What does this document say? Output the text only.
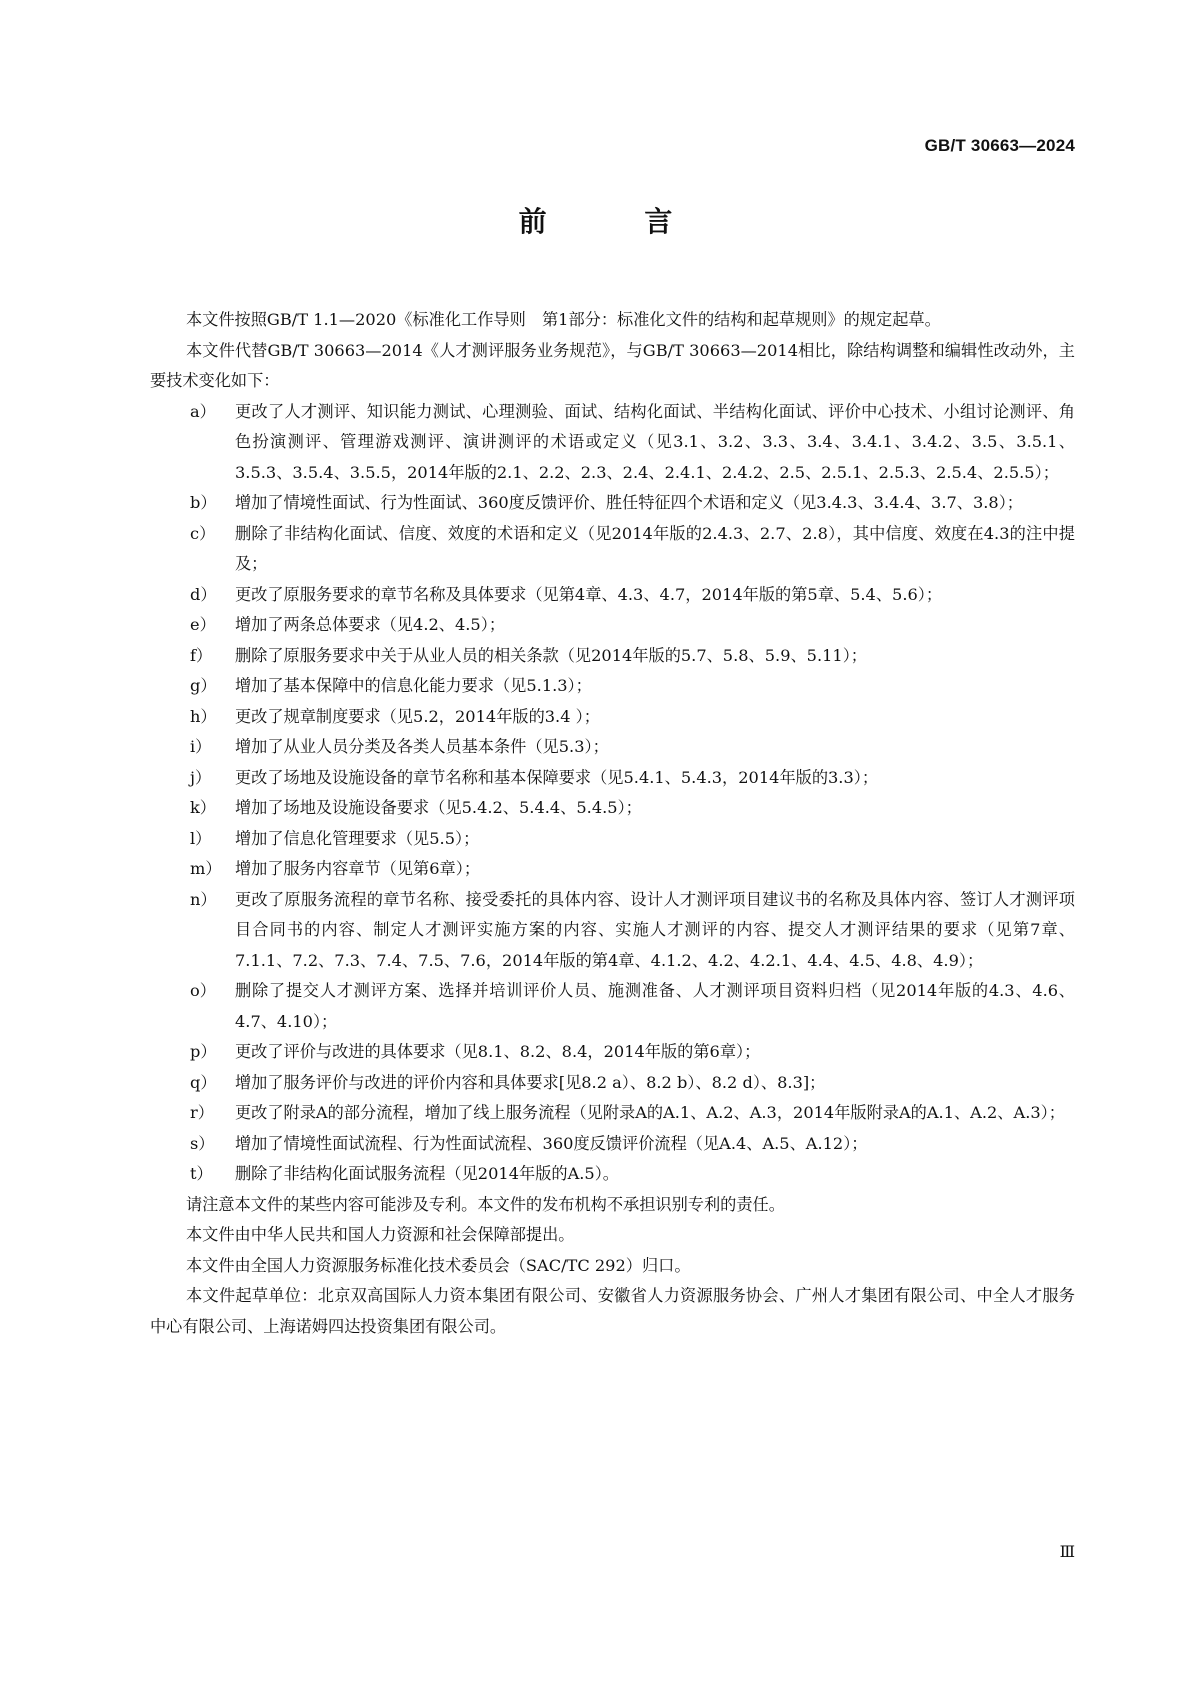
GB/T 30663—2024
前 言

本文件按照GB/T 1.1—2020《标准化工作导则　第1部分：标准化文件的结构和起草规则》的规定起草。

本文件代替GB/T 30663—2014《人才测评服务业务规范》，与GB/T 30663—2014相比，除结构调整和编辑性改动外，主要技术变化如下：

a）	更改了人才测评、知识能力测试、心理测验、面试、结构化面试、半结构化面试、评价中心技术、小组讨论测评、角色扮演测评、管理游戏测评、演讲测评的术语或定义（见3.1、3.2、3.3、3.4、3.4.1、3.4.2、3.5、3.5.1、3.5.3、3.5.4、3.5.5，2014年版的2.1、2.2、2.3、2.4、2.4.1、2.4.2、2.5、2.5.1、2.5.3、2.5.4、2.5.5）；
b）	增加了情境性面试、行为性面试、360度反馈评价、胜任特征四个术语和定义（见3.4.3、3.4.4、3.7、3.8）；
c）	删除了非结构化面试、信度、效度的术语和定义（见2014年版的2.4.3、2.7、2.8），其中信度、效度在4.3的注中提及；
d）	更改了原服务要求的章节名称及具体要求（见第4章、4.3、4.7，2014年版的第5章、5.4、5.6）；
e）	增加了两条总体要求（见4.2、4.5）；
f）	删除了原服务要求中关于从业人员的相关条款（见2014年版的5.7、5.8、5.9、5.11）；
g）	增加了基本保障中的信息化能力要求（见5.1.3）；
h）	更改了规章制度要求（见5.2，2014年版的3.4 ）；
i）	增加了从业人员分类及各类人员基本条件（见5.3）；
j）	更改了场地及设施设备的章节名称和基本保障要求（见5.4.1、5.4.3，2014年版的3.3）；
k）	增加了场地及设施设备要求（见5.4.2、5.4.4、5.4.5）；
l）	增加了信息化管理要求（见5.5）；
m） 增加了服务内容章节（见第6章）；
n）	更改了原服务流程的章节名称、接受委托的具体内容、设计人才测评项目建议书的名称及具体内容、签订人才测评项目合同书的内容、制定人才测评实施方案的内容、实施人才测评的内容、提交人才测评结果的要求（见第7章、7.1.1、7.2、7.3、7.4、7.5、7.6，2014年版的第4章、4.1.2、4.2、4.2.1、4.4、4.5、4.8、4.9）；
o）	删除了提交人才测评方案、选择并培训评价人员、施测准备、人才测评项目资料归档（见2014年版的4.3、4.6、4.7、4.10）；
p）	更改了评价与改进的具体要求（见8.1、8.2、8.4，2014年版的第6章）；
q）	增加了服务评价与改进的评价内容和具体要求[见8.2 a）、8.2 b）、8.2 d）、8.3]；
r）	更改了附录A的部分流程，增加了线上服务流程（见附录A的A.1、A.2、A.3，2014年版附录A的A.1、A.2、A.3）；
s）	增加了情境性面试流程、行为性面试流程、360度反馈评价流程（见A.4、A.5、A.12）；
t）	删除了非结构化面试服务流程（见2014年版的A.5）。

请注意本文件的某些内容可能涉及专利。本文件的发布机构不承担识别专利的责任。

本文件由中华人民共和国人力资源和社会保障部提出。

本文件由全国人力资源服务标准化技术委员会（SAC/TC 292）归口。

本文件起草单位：北京双高国际人力资本集团有限公司、安徽省人力资源服务协会、广州人才集团有限公司、中全人才服务中心有限公司、上海诺姆四达投资集团有限公司。

Ⅲ
